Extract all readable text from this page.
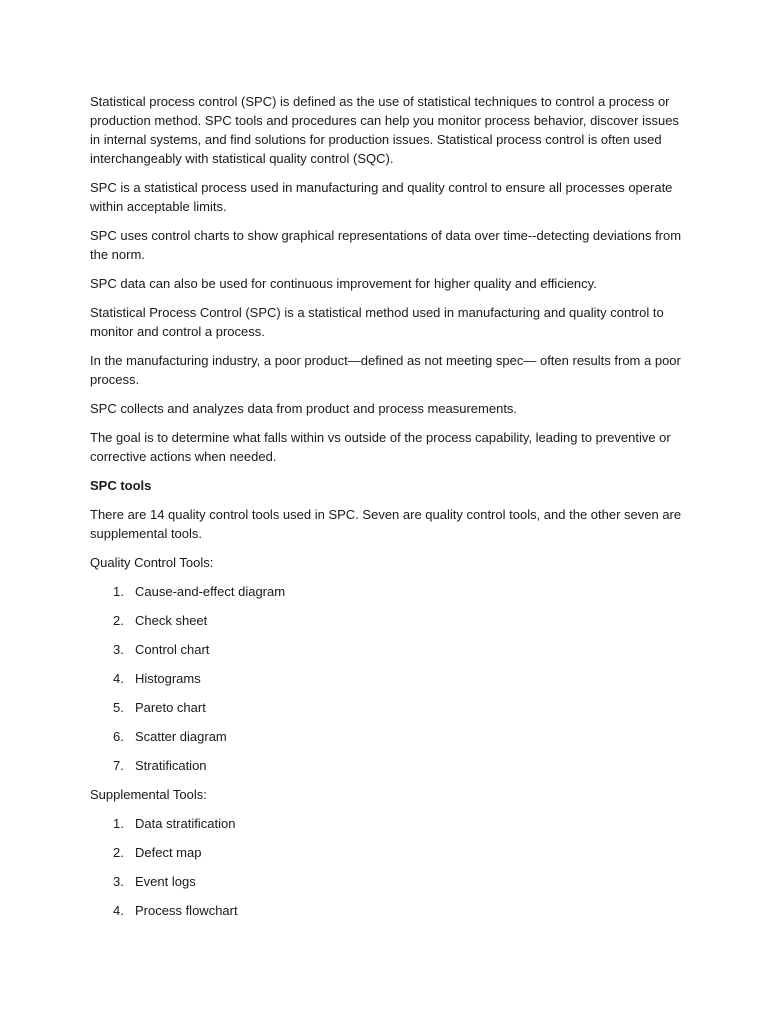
Statistical process control (SPC) is defined as the use of statistical techniques to control a process or production method. SPC tools and procedures can help you monitor process behavior, discover issues in internal systems, and find solutions for production issues. Statistical process control is often used interchangeably with statistical quality control (SQC).

SPC is a statistical process used in manufacturing and quality control to ensure all processes operate within acceptable limits.

SPC uses control charts to show graphical representations of data over time--detecting deviations from the norm.

SPC data can also be used for continuous improvement for higher quality and efficiency.

Statistical Process Control (SPC) is a statistical method used in manufacturing and quality control to monitor and control a process.

In the manufacturing industry, a poor product—defined as not meeting spec— often results from a poor process.

SPC collects and analyzes data from product and process measurements.

The goal is to determine what falls within vs outside of the process capability, leading to preventive or corrective actions when needed.

SPC tools

There are 14 quality control tools used in SPC. Seven are quality control tools, and the other seven are supplemental tools.

Quality Control Tools:

1. Cause-and-effect diagram
2. Check sheet
3. Control chart
4. Histograms
5. Pareto chart
6. Scatter diagram
7. Stratification

Supplemental Tools:

1. Data stratification
2. Defect map
3. Event logs
4. Process flowchart
